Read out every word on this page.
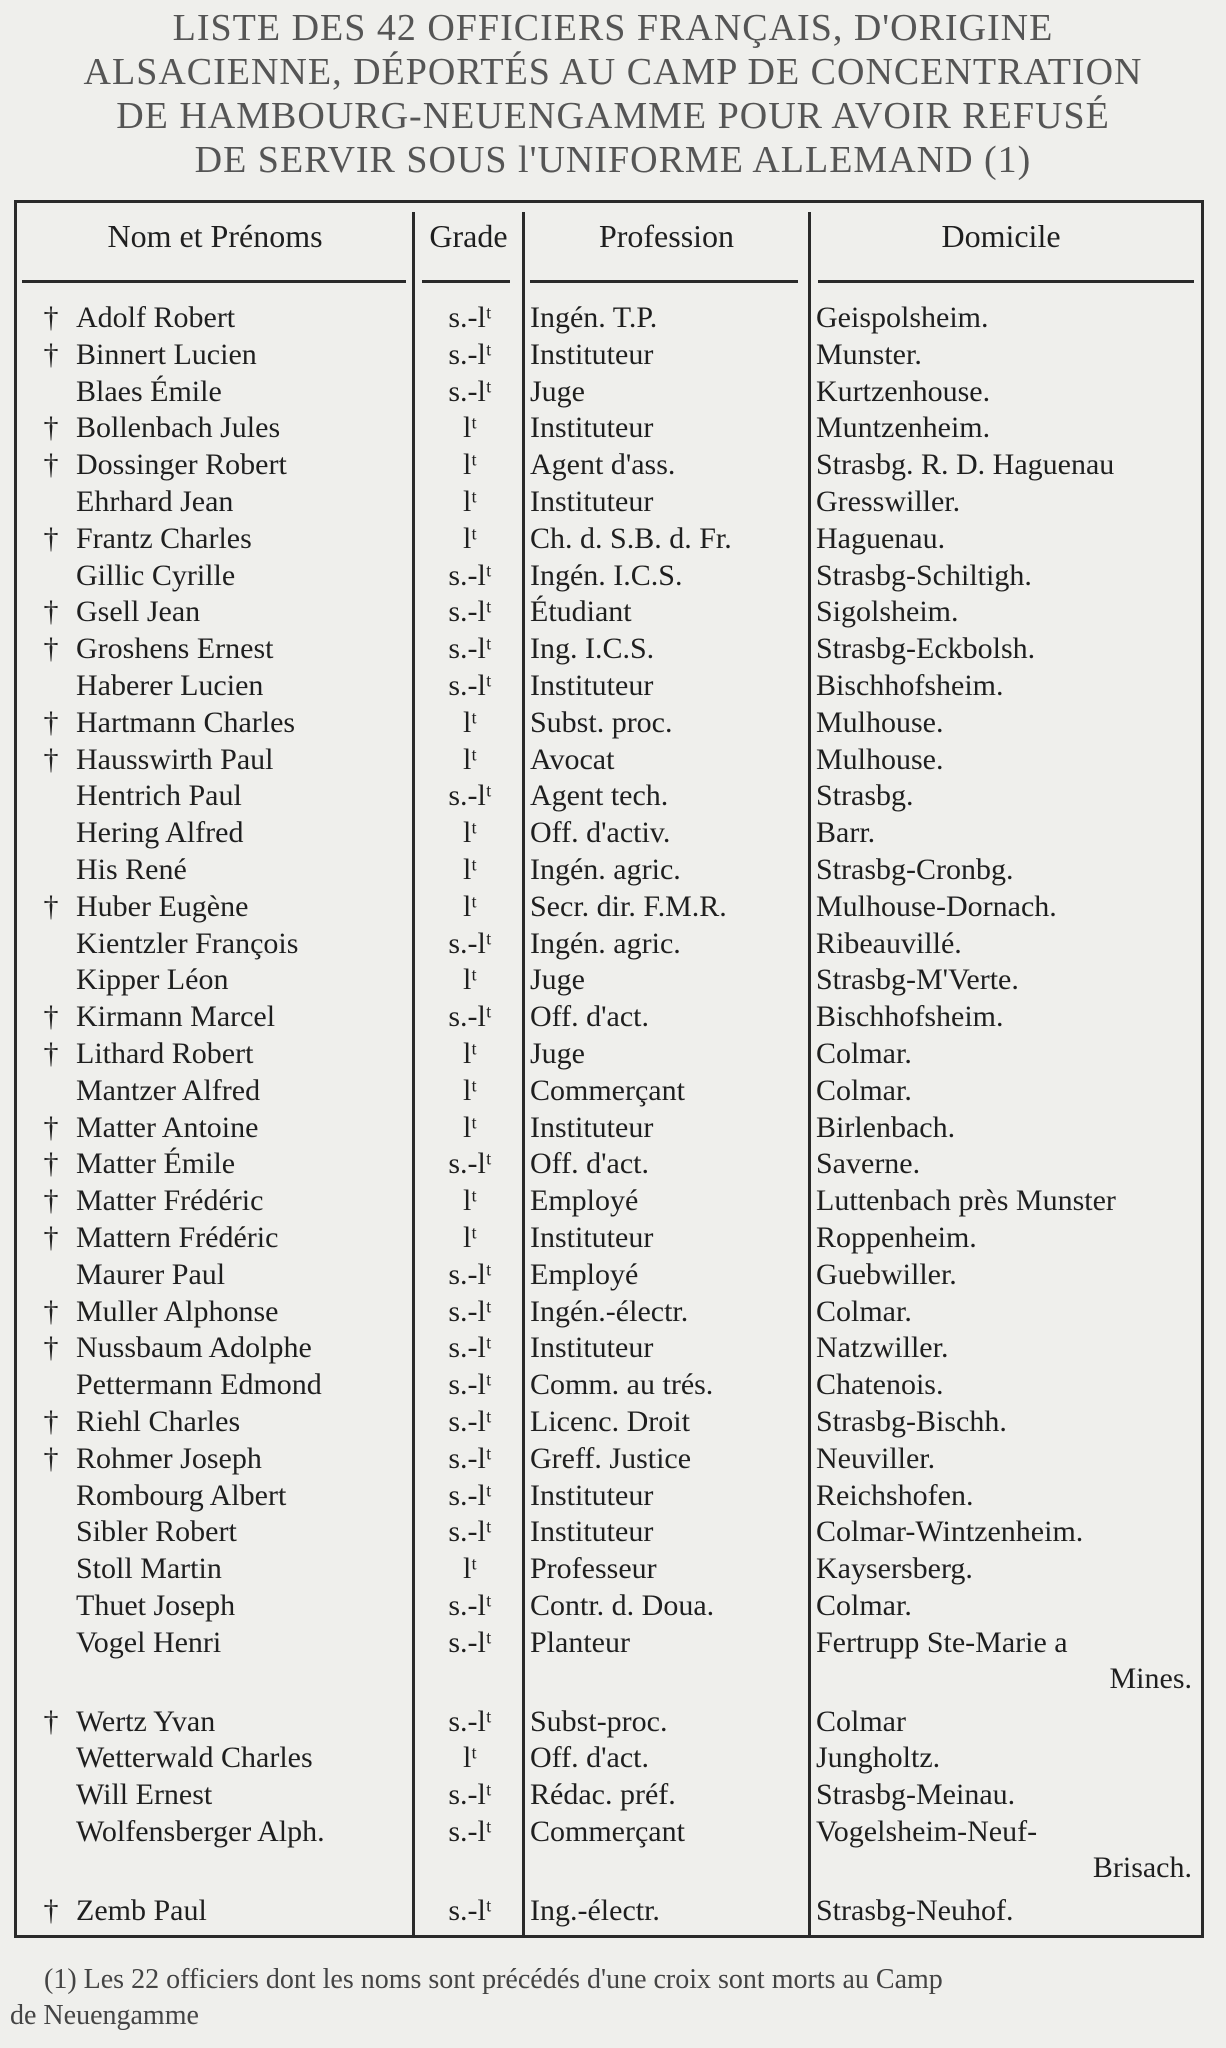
LISTE DES 42 OFFICIERS FRANÇAIS, D'ORIGINE
ALSACIENNE, DÉPORTÉS AU CAMP DE CONCENTRATION
DE HAMBOURG-NEUENGAMME POUR AVOIR REFUSÉ
DE SERVIR SOUS l'UNIFORME ALLEMAND (1)
Nom et Prénoms	Grade	Profession	Domicile
† Adolf Robert	s.-lᵗ	Ingén. T.P.	Geispolsheim.
† Binnert Lucien	s.-lᵗ	Instituteur	Munster.
Blaes Émile	s.-lᵗ	Juge	Kurtzenhouse.
† Bollenbach Jules	lᵗ	Instituteur	Muntzenheim.
† Dossinger Robert	lᵗ	Agent d'ass.	Strasbg. R. D. Haguenau
Ehrhard Jean	lᵗ	Instituteur	Gresswiller.
† Frantz Charles	lᵗ	Ch. d. S.B. d. Fr.	Haguenau.
Gillic Cyrille	s.-lᵗ	Ingén. I.C.S.	Strasbg-Schiltigh.
† Gsell Jean	s.-lᵗ	Étudiant	Sigolsheim.
† Groshens Ernest	s.-lᵗ	Ing. I.C.S.	Strasbg-Eckbolsh.
Haberer Lucien	s.-lᵗ	Instituteur	Bischhofsheim.
† Hartmann Charles	lᵗ	Subst. proc.	Mulhouse.
† Hausswirth Paul	lᵗ	Avocat	Mulhouse.
Hentrich Paul	s.-lᵗ	Agent tech.	Strasbg.
Hering Alfred	lᵗ	Off. d'activ.	Barr.
His René	lᵗ	Ingén. agric.	Strasbg-Cronbg.
† Huber Eugène	lᵗ	Secr. dir. F.M.R.	Mulhouse-Dornach.
Kientzler François	s.-lᵗ	Ingén. agric.	Ribeauvillé.
Kipper Léon	lᵗ	Juge	Strasbg-M'Verte.
† Kirmann Marcel	s.-lᵗ	Off. d'act.	Bischhofsheim.
† Lithard Robert	lᵗ	Juge	Colmar.
Mantzer Alfred	lᵗ	Commerçant	Colmar.
† Matter Antoine	lᵗ	Instituteur	Birlenbach.
† Matter Émile	s.-lᵗ	Off. d'act.	Saverne.
† Matter Frédéric	lᵗ	Employé	Luttenbach près Munster
† Mattern Frédéric	lᵗ	Instituteur	Roppenheim.
Maurer Paul	s.-lᵗ	Employé	Guebwiller.
† Muller Alphonse	s.-lᵗ	Ingén.-électr.	Colmar.
† Nussbaum Adolphe	s.-lᵗ	Instituteur	Natzwiller.
Pettermann Edmond	s.-lᵗ	Comm. au trés.	Chatenois.
† Riehl Charles	s.-lᵗ	Licenc. Droit	Strasbg-Bischh.
† Rohmer Joseph	s.-lᵗ	Greff. Justice	Neuviller.
Rombourg Albert	s.-lᵗ	Instituteur	Reichshofen.
Sibler Robert	s.-lᵗ	Instituteur	Colmar-Wintzenheim.
Stoll Martin	lᵗ	Professeur	Kaysersberg.
Thuet Joseph	s.-lᵗ	Contr. d. Doua.	Colmar.
Vogel Henri	s.-lᵗ	Planteur	Fertrupp Ste-Marie a
Mines.
† Wertz Yvan	s.-lᵗ	Subst-proc.	Colmar
Wetterwald Charles	lᵗ	Off. d'act.	Jungholtz.
Will Ernest	s.-lᵗ	Rédac. préf.	Strasbg-Meinau.
Wolfensberger Alph.	s.-lᵗ	Commerçant	Vogelsheim-Neuf-
Brisach.
† Zemb Paul	s.-lᵗ	Ing.-électr.	Strasbg-Neuhof.
(1) Les 22 officiers dont les noms sont précédés d'une croix sont morts au Camp
de Neuengamme
